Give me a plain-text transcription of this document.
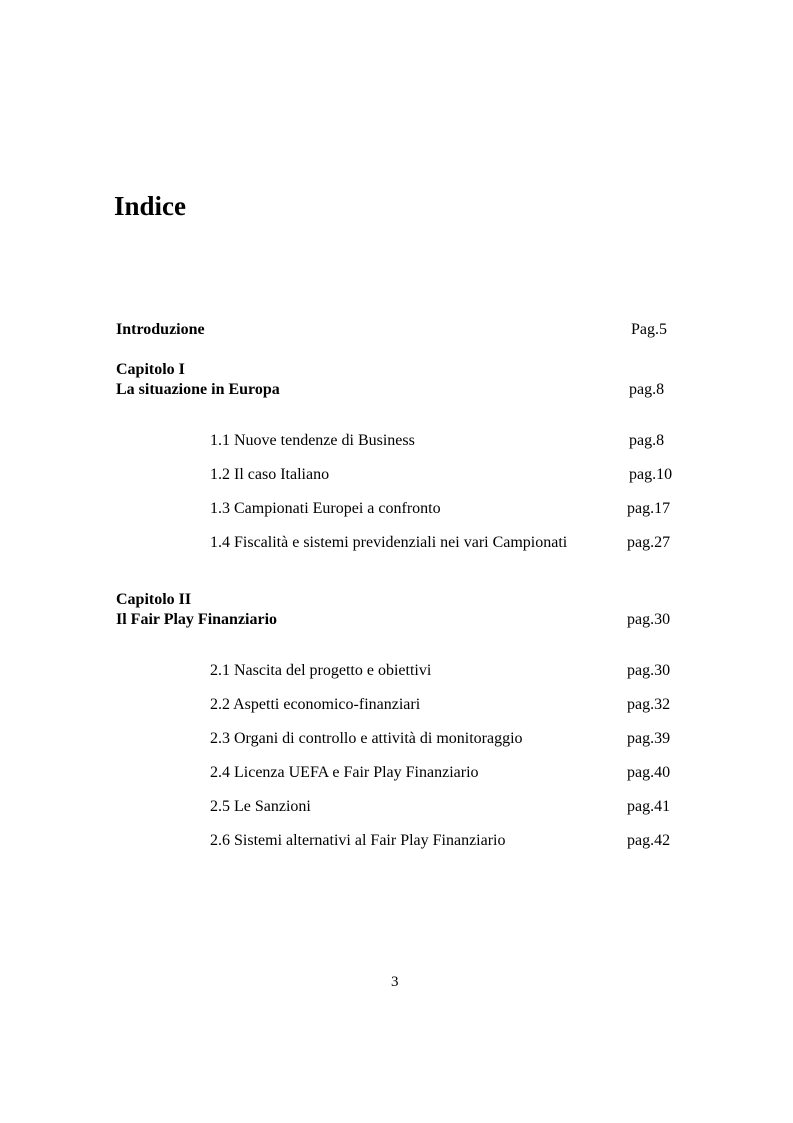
Indice
Introduzione	Pag.5
Capitolo I
La situazione in Europa	pag.8
1.1 Nuove tendenze di Business	pag.8
1.2 Il caso Italiano	pag.10
1.3 Campionati Europei a confronto	pag.17
1.4 Fiscalità e sistemi previdenziali nei vari Campionati	pag.27
Capitolo II
Il Fair Play Finanziario	pag.30
2.1 Nascita del progetto e obiettivi	pag.30
2.2 Aspetti economico-finanziari	pag.32
2.3 Organi di controllo e attività di monitoraggio	pag.39
2.4 Licenza UEFA e Fair Play Finanziario	pag.40
2.5 Le Sanzioni	pag.41
2.6 Sistemi alternativi al Fair Play Finanziario	pag.42
3
